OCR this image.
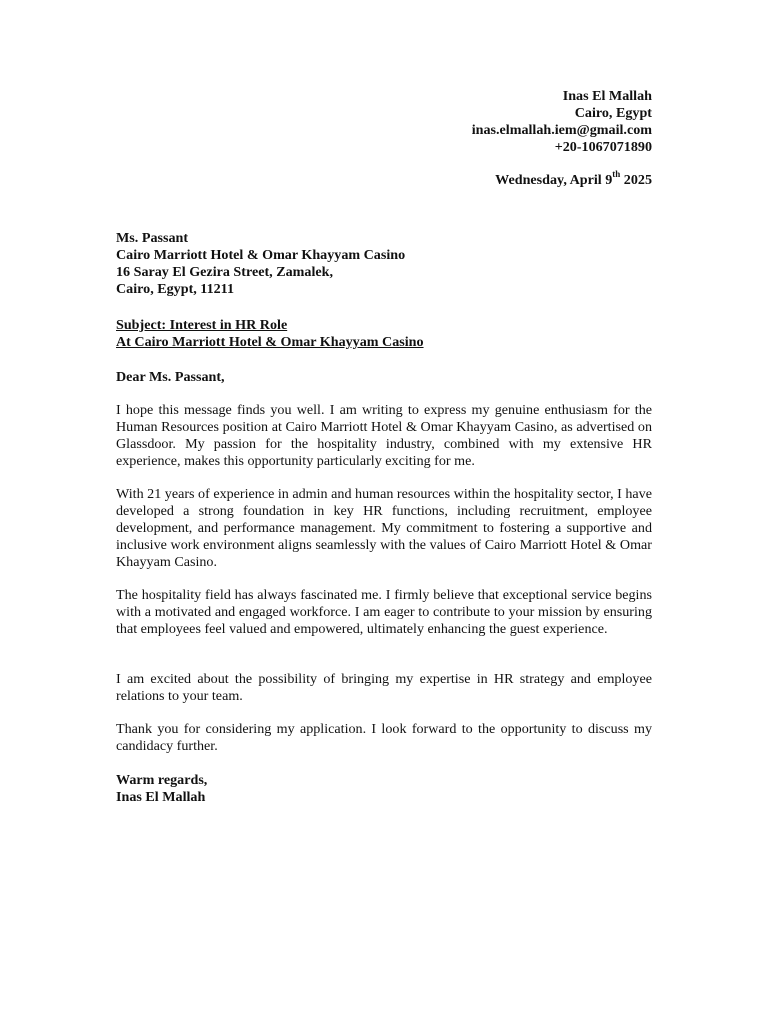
Inas El Mallah
Cairo, Egypt
inas.elmallah.iem@gmail.com
+20-1067071890
Wednesday, April 9th 2025
Ms. Passant
Cairo Marriott Hotel & Omar Khayyam Casino
16 Saray El Gezira Street, Zamalek,
Cairo, Egypt, 11211
Subject: Interest in HR Role
At Cairo Marriott Hotel & Omar Khayyam Casino
Dear Ms. Passant,
I hope this message finds you well. I am writing to express my genuine enthusiasm for the Human Resources position at Cairo Marriott Hotel & Omar Khayyam Casino, as advertised on Glassdoor. My passion for the hospitality industry, combined with my extensive HR experience, makes this opportunity particularly exciting for me.
With 21 years of experience in admin and human resources within the hospitality sector, I have developed a strong foundation in key HR functions, including recruitment, employee development, and performance management. My commitment to fostering a supportive and inclusive work environment aligns seamlessly with the values of Cairo Marriott Hotel & Omar Khayyam Casino.
The hospitality field has always fascinated me. I firmly believe that exceptional service begins with a motivated and engaged workforce. I am eager to contribute to your mission by ensuring that employees feel valued and empowered, ultimately enhancing the guest experience.
I am excited about the possibility of bringing my expertise in HR strategy and employee relations to your team.
Thank you for considering my application. I look forward to the opportunity to discuss my candidacy further.
Warm regards,
Inas El Mallah
